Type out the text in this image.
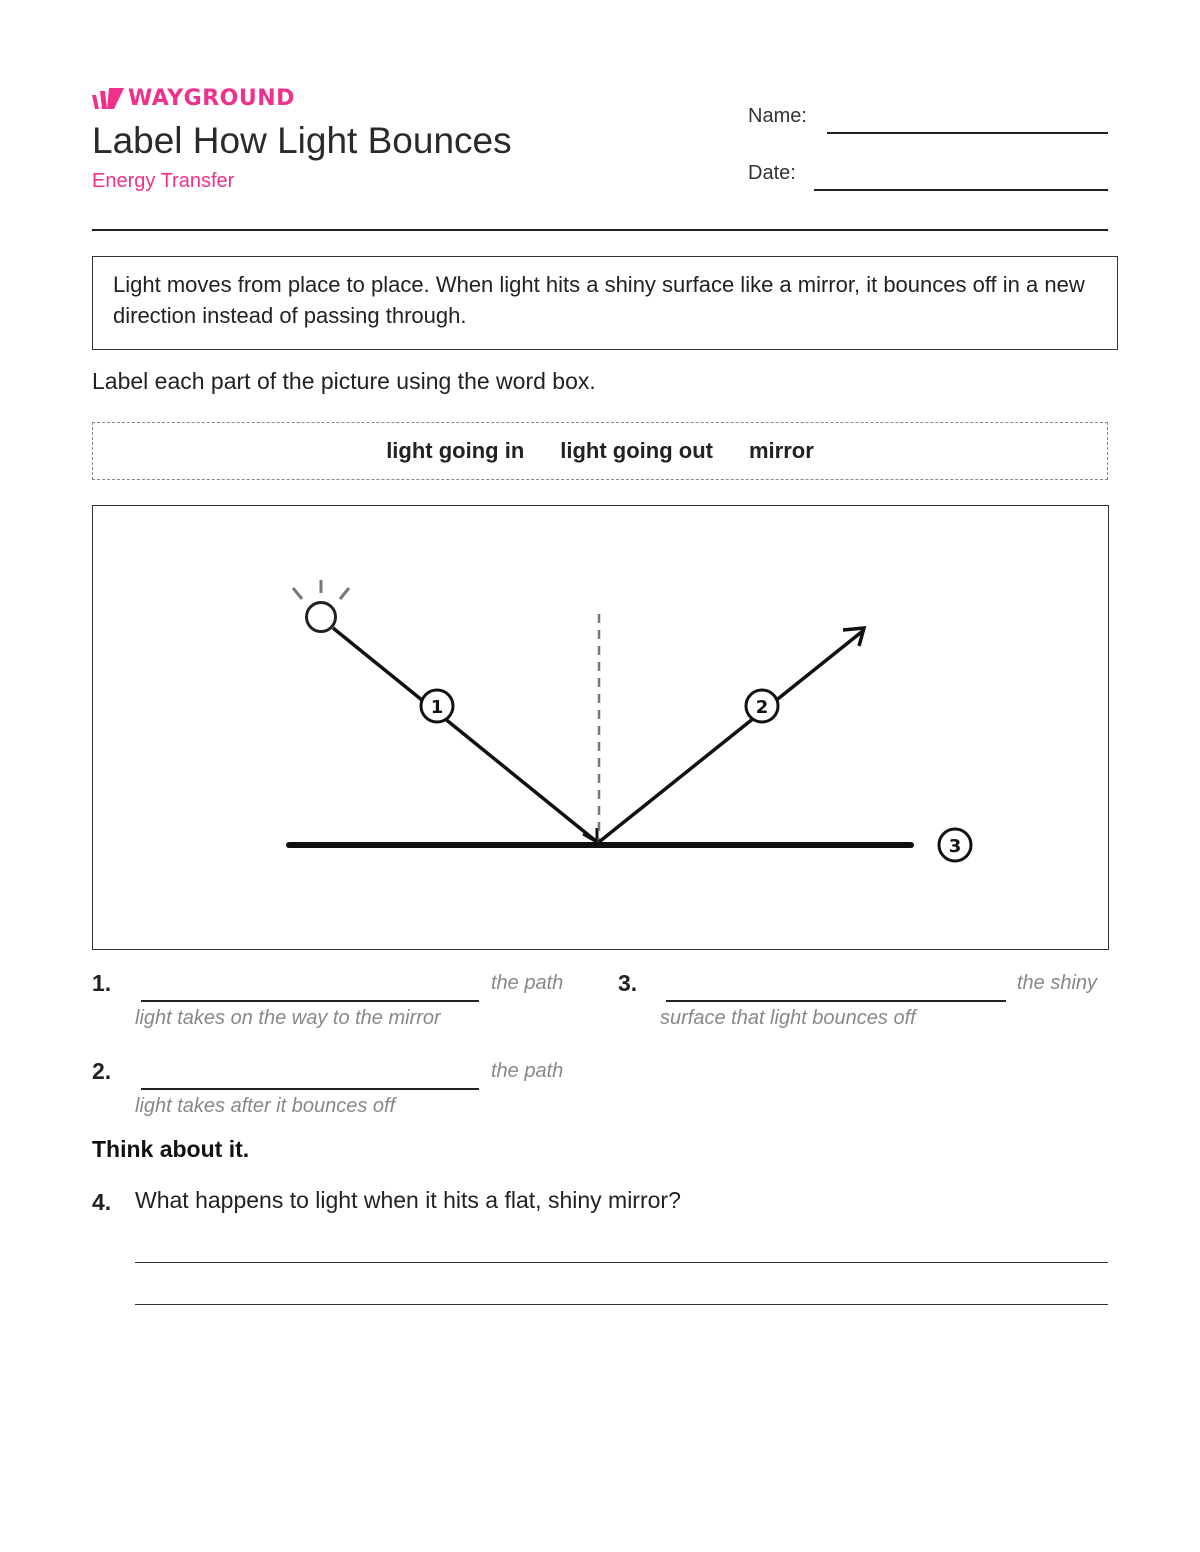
WAYGROUND
Label How Light Bounces
Energy Transfer
Name:
Date:
Light moves from place to place. When light hits a shiny surface like a mirror, it bounces off in a new direction instead of passing through.
Label each part of the picture using the word box.
light going in light going out mirror
1	2
3
1.	the path
light takes on the way to the mirror
3.	the shiny
surface that light bounces off
2.	the path
light takes after it bounces off
Think about it.
4. What happens to light when it hits a flat, shiny mirror?
